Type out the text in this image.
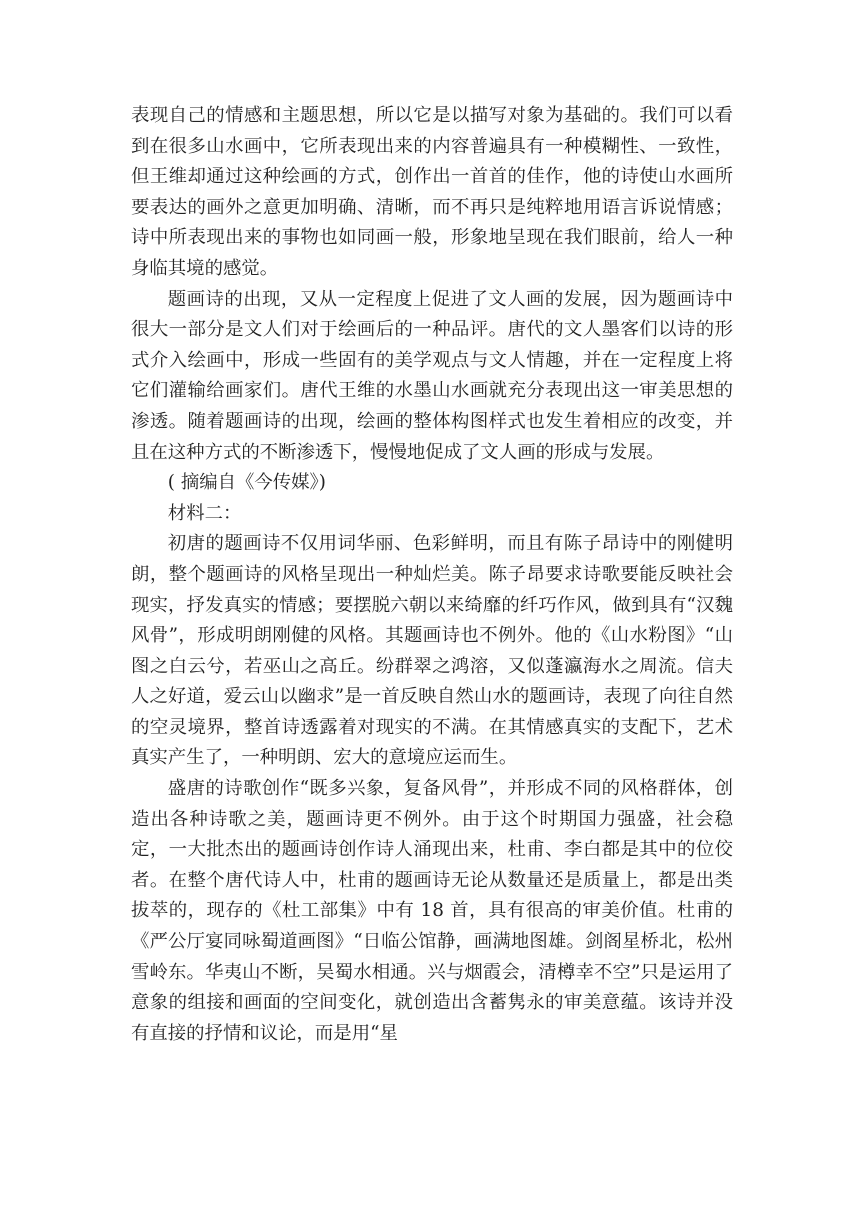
表现自己的情感和主题思想，所以它是以描写对象为基础的。我们可以看到在很多山水画中，它所表现出来的内容普遍具有一种模糊性、一致性，但王维却通过这种绘画的方式，创作出一首首的佳作，他的诗使山水画所要表达的画外之意更加明确、清晰，而不再只是纯粹地用语言诉说情感；诗中所表现出来的事物也如同画一般，形象地呈现在我们眼前，给人一种身临其境的感觉。

题画诗的出现，又从一定程度上促进了文人画的发展，因为题画诗中很大一部分是文人们对于绘画后的一种品评。唐代的文人墨客们以诗的形式介入绘画中，形成一些固有的美学观点与文人情趣，并在一定程度上将它们灌输给画家们。唐代王维的水墨山水画就充分表现出这一审美思想的渗透。随着题画诗的出现，绘画的整体构图样式也发生着相应的改变，并且在这种方式的不断渗透下，慢慢地促成了文人画的形成与发展。

( 摘编自《今传媒》)

材料二：

初唐的题画诗不仅用词华丽、色彩鲜明，而且有陈子昂诗中的刚健明朗，整个题画诗的风格呈现出一种灿烂美。陈子昂要求诗歌要能反映社会现实，抒发真实的情感；要摆脱六朝以来绮靡的纤巧作风，做到具有“汉魏风骨”，形成明朗刚健的风格。其题画诗也不例外。他的《山水粉图》“山图之白云兮，若巫山之高丘。纷群翠之鸿溶，又似蓬瀛海水之周流。信夫人之好道，爱云山以幽求”是一首反映自然山水的题画诗，表现了向往自然的空灵境界，整首诗透露着对现实的不满。在其情感真实的支配下，艺术真实产生了，一种明朗、宏大的意境应运而生。

盛唐的诗歌创作“既多兴象，复备风骨”，并形成不同的风格群体，创造出各种诗歌之美，题画诗更不例外。由于这个时期国力强盛，社会稳定，一大批杰出的题画诗创作诗人涌现出来，杜甫、李白都是其中的位佼者。在整个唐代诗人中，杜甫的题画诗无论从数量还是质量上，都是出类拔萃的，现存的《杜工部集》中有 18 首，具有很高的审美价值。杜甫的《严公厅宴同咏蜀道画图》“日临公馆静，画满地图雄。剑阁星桥北，松州雪岭东。华夷山不断，吴蜀水相通。兴与烟霞会，清樽幸不空”只是运用了意象的组接和画面的空间变化，就创造出含蓄隽永的审美意蕴。该诗并没有直接的抒情和议论，而是用“星
